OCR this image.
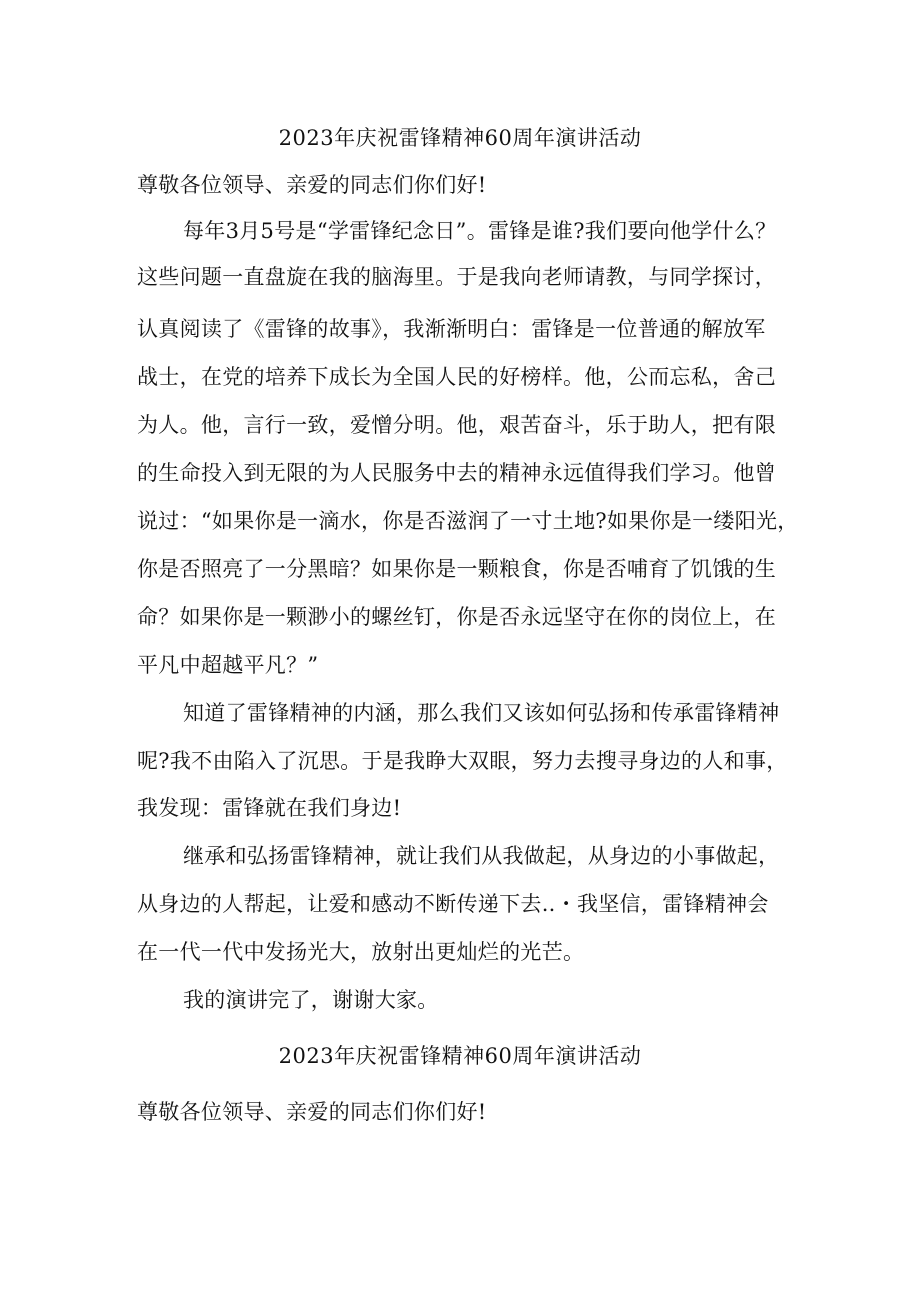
2023年庆祝雷锋精神60周年演讲活动
尊敬各位领导、亲爱的同志们你们好!
每年3月5号是“学雷锋纪念日”。雷锋是谁?我们要向他学什么？
这些问题一直盘旋在我的脑海里。于是我向老师请教，与同学探讨，
认真阅读了《雷锋的故事》，我渐渐明白：雷锋是一位普通的解放军
战士，在党的培养下成长为全国人民的好榜样。他，公而忘私，舍己
为人。他，言行一致，爱憎分明。他，艰苦奋斗，乐于助人，把有限
的生命投入到无限的为人民服务中去的精神永远值得我们学习。他曾
说过：“如果你是一滴水，你是否滋润了一寸土地?如果你是一缕阳光，
你是否照亮了一分黑暗？如果你是一颗粮食，你是否哺育了饥饿的生
命？如果你是一颗渺小的螺丝钉，你是否永远坚守在你的岗位上，在
平凡中超越平凡？”
知道了雷锋精神的内涵，那么我们又该如何弘扬和传承雷锋精神
呢?我不由陷入了沉思。于是我睁大双眼，努力去搜寻身边的人和事，
我发现：雷锋就在我们身边!
继承和弘扬雷锋精神，就让我们从我做起，从身边的小事做起，
从身边的人帮起，让爱和感动不断传递下去..・我坚信，雷锋精神会
在一代一代中发扬光大，放射出更灿烂的光芒。
我的演讲完了，谢谢大家。
2023年庆祝雷锋精神60周年演讲活动
尊敬各位领导、亲爱的同志们你们好!
